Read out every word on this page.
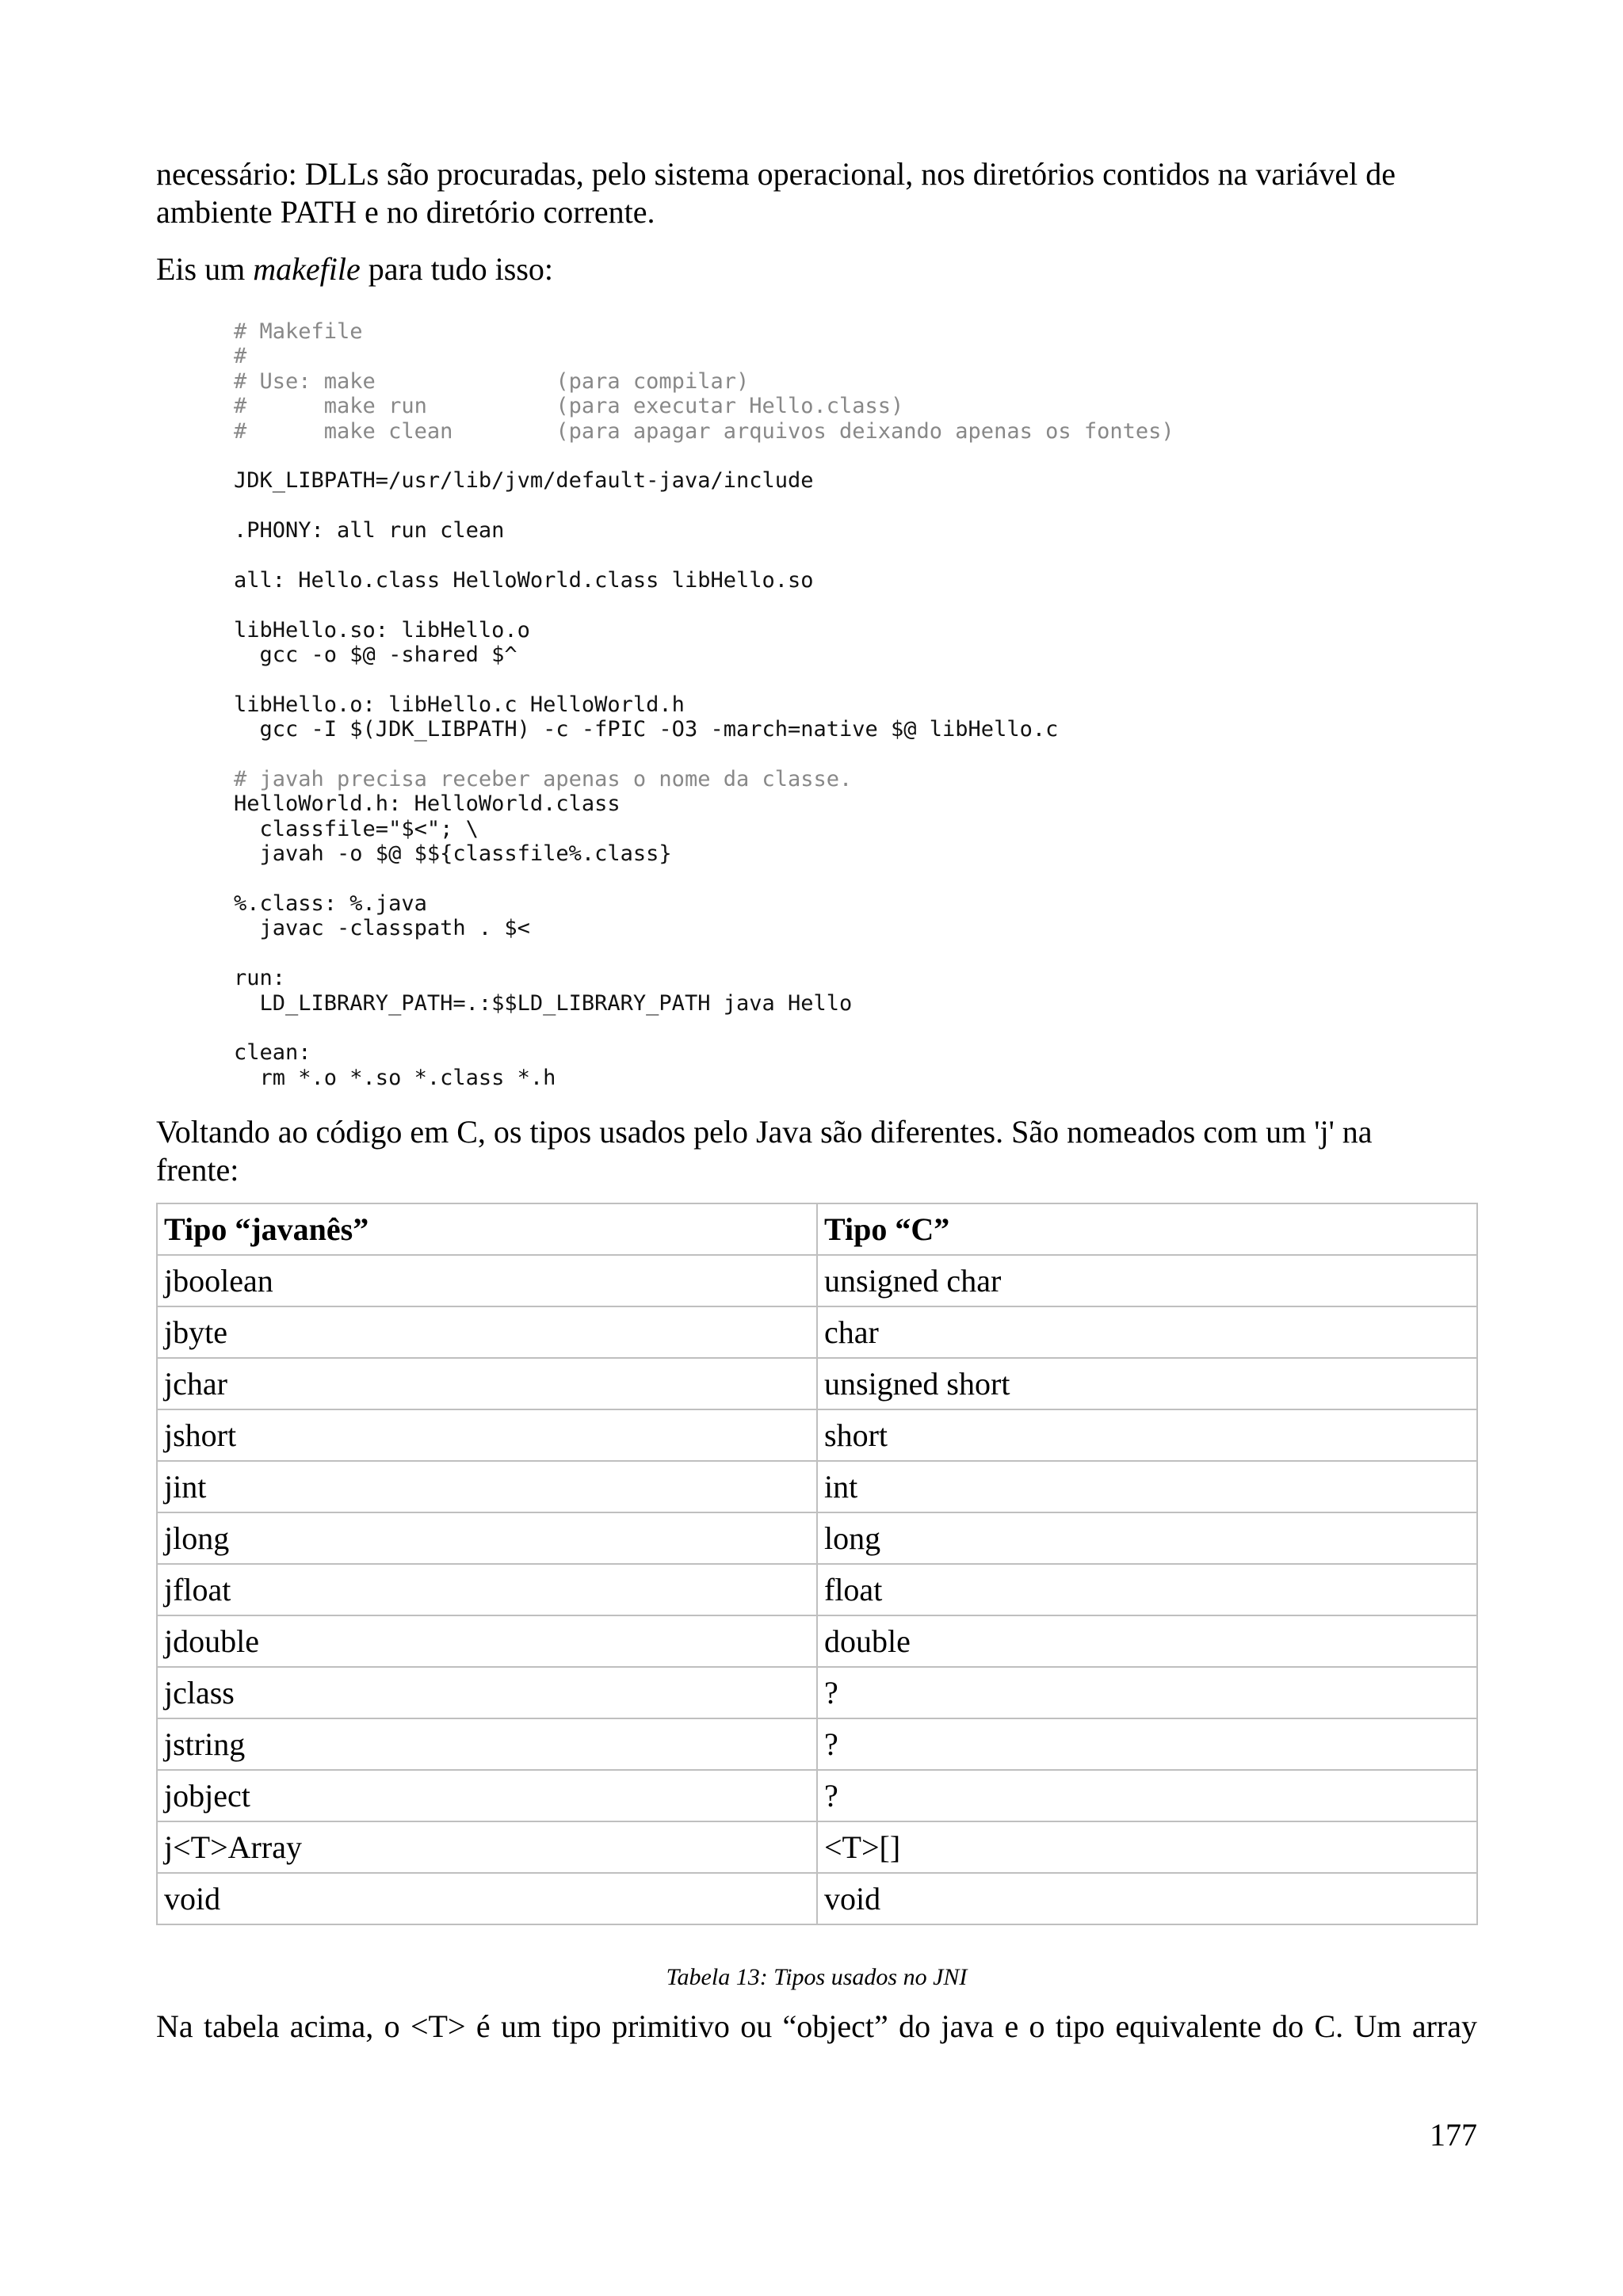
necessário: DLLs são procuradas, pelo sistema operacional, nos diretórios contidos na variável de
ambiente PATH e no diretório corrente.

Eis um makefile para tudo isso:

# Makefile
#
# Use: make              (para compilar)
#      make run          (para executar Hello.class)
#      make clean        (para apagar arquivos deixando apenas os fontes)
JDK_LIBPATH=/usr/lib/jvm/default-java/include
.PHONY: all run clean
all: Hello.class HelloWorld.class libHello.so
libHello.so: libHello.o
gcc -o $@ -shared $^
libHello.o: libHello.c HelloWorld.h
gcc -I $(JDK_LIBPATH) -c -fPIC -O3 -march=native $@ libHello.c
# javah precisa receber apenas o nome da classe.
HelloWorld.h: HelloWorld.class
classfile="$<"; \
javah -o $@ $${classfile%.class}
%.class: %.java
javac -classpath . $<
run:
LD_LIBRARY_PATH=.:$$LD_LIBRARY_PATH java Hello
clean:
rm *.o *.so *.class *.h

Voltando ao código em C, os tipos usados pelo Java são diferentes. São nomeados com um 'j' na
frente:

Tipo “javanês”	Tipo “C”
jboolean	unsigned char
jbyte	char
jchar	unsigned short
jshort	short
jint	int
jlong	long
jfloat	float
jdouble	double
jclass	?
jstring	?
jobject	?
j<T>Array	<T>[]
void	void
Tabela 13: Tipos usados no JNI

Na tabela acima, o <T> é um tipo primitivo ou “object” do java e o tipo equivalente do C. Um array

177
